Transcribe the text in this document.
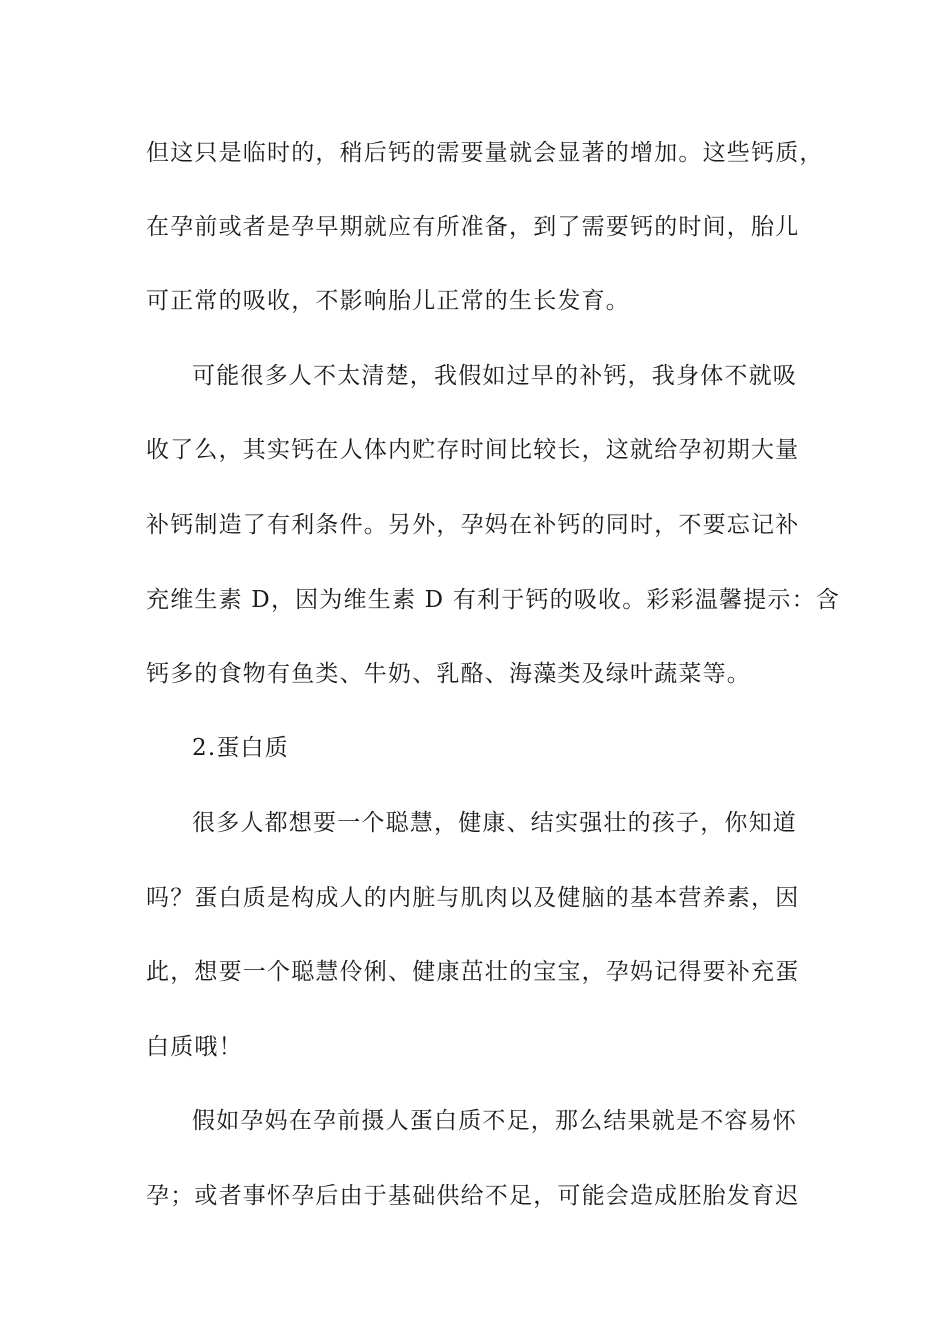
但这只是临时的，稍后钙的需要量就会显著的增加。这些钙质，
在孕前或者是孕早期就应有所准备，到了需要钙的时间，胎儿
可正常的吸收，不影响胎儿正常的生长发育。
可能很多人不太清楚，我假如过早的补钙，我身体不就吸
收了么，其实钙在人体内贮存时间比较长，这就给孕初期大量
补钙制造了有利条件。另外，孕妈在补钙的同时，不要忘记补
充维生素 D，因为维生素 D 有利于钙的吸收。彩彩温馨提示：含
钙多的食物有鱼类、牛奶、乳酪、海藻类及绿叶蔬菜等。
2.蛋白质
很多人都想要一个聪慧，健康、结实强壮的孩子，你知道
吗？蛋白质是构成人的内脏与肌肉以及健脑的基本营养素，因
此，想要一个聪慧伶俐、健康茁壮的宝宝，孕妈记得要补充蛋
白质哦！
假如孕妈在孕前摄人蛋白质不足，那么结果就是不容易怀
孕；或者事怀孕后由于基础供给不足，可能会造成胚胎发育迟
